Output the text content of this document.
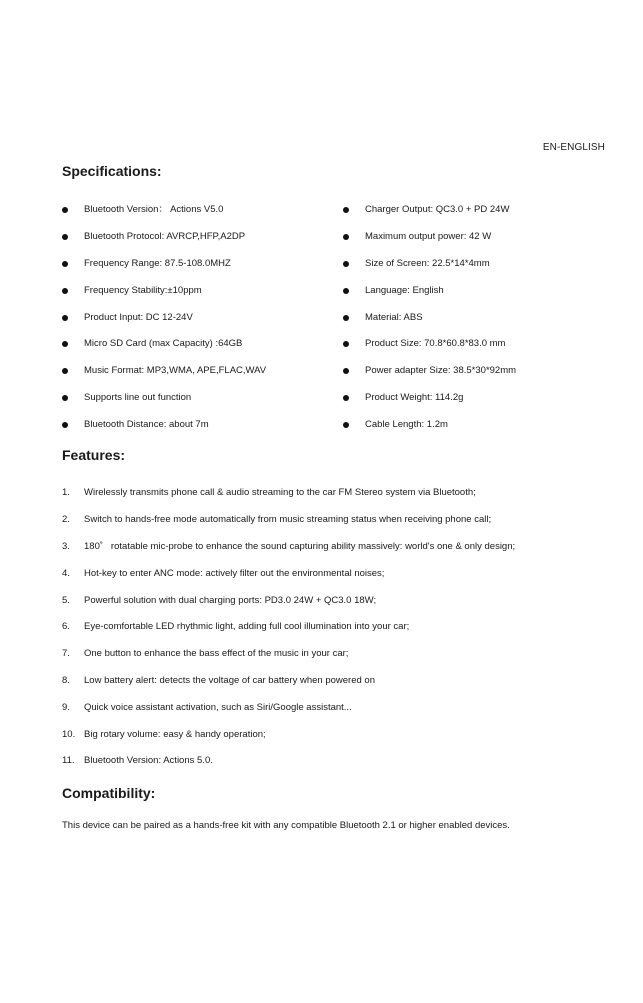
EN-ENGLISH
Specifications:
Bluetooth Version： Actions V5.0
Bluetooth Protocol: AVRCP,HFP,A2DP
Frequency Range: 87.5-108.0MHZ
Frequency Stability:±10ppm
Product Input: DC 12-24V
Micro SD Card (max Capacity) :64GB
Music Format: MP3,WMA, APE,FLAC,WAV
Supports line out function
Bluetooth Distance: about 7m
Charger Output: QC3.0 + PD 24W
Maximum output power: 42 W
Size of Screen: 22.5*14*4mm
Language: English
Material: ABS
Product Size: 70.8*60.8*83.0 mm
Power adapter Size: 38.5*30*92mm
Product Weight: 114.2g
Cable Length: 1.2m
Features:
1.	Wirelessly transmits phone call & audio streaming to the car FM Stereo system via Bluetooth;
2.	Switch to hands-free mode automatically from music streaming status when receiving phone call;
3.	180˚   rotatable mic-probe to enhance the sound capturing ability massively: world's one & only design;
4.	Hot-key to enter ANC mode: actively filter out the environmental noises;
5.	Powerful solution with dual charging ports: PD3.0 24W + QC3.0 18W;
6.	Eye-comfortable LED rhythmic light, adding full cool illumination into your car;
7.	One button to enhance the bass effect of the music in your car;
8.	Low battery alert: detects the voltage of car battery when powered on
9.	Quick voice assistant activation, such as Siri/Google assistant...
10. Big rotary volume: easy & handy operation;
11. Bluetooth Version: Actions 5.0.
Compatibility:

This device can be paired as a hands-free kit with any compatible Bluetooth 2.1 or higher enabled devices.
